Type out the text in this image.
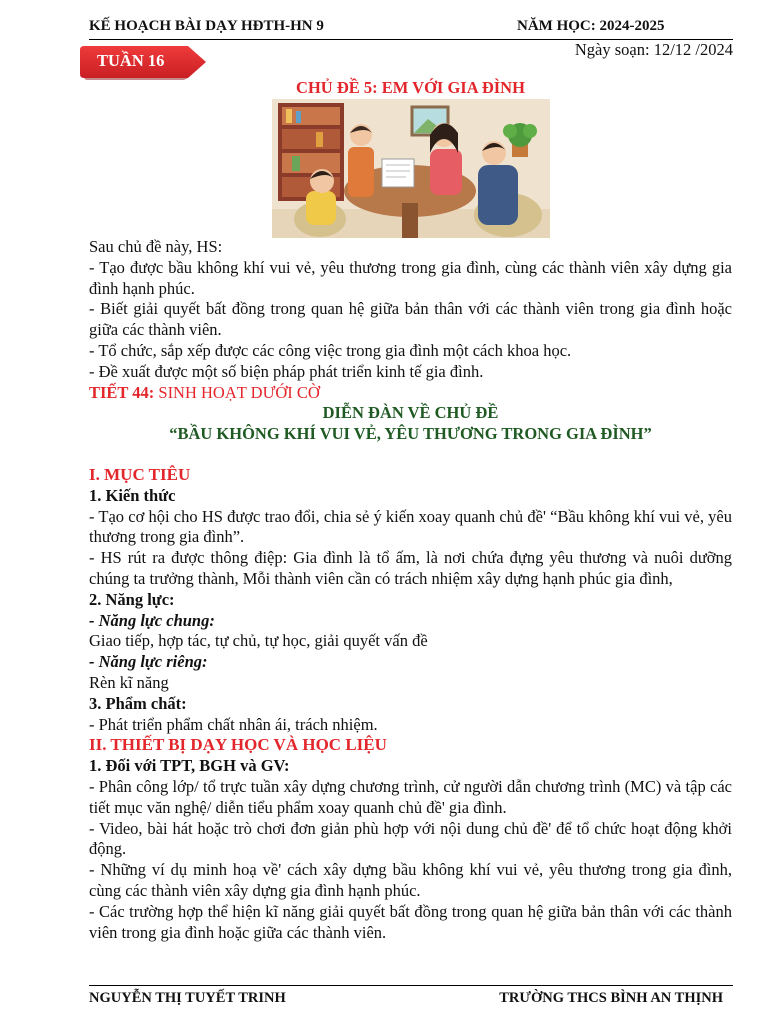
KẾ HOẠCH BÀI DẠY HĐTH-HN 9	NĂM HỌC: 2024-2025
Ngày soạn: 12/12 /2024
TUẦN 16
CHỦ ĐỀ 5: EM VỚI GIA ĐÌNH

Sau chủ đề này, HS:

- Tạo được bầu không khí vui vẻ, yêu thương trong gia đình, cùng các thành viên xây dựng gia đình hạnh phúc.

- Biết giải quyết bất đồng trong quan hệ giữa bản thân với các thành viên trong gia đình hoặc giữa các thành viên.

- Tổ chức, sắp xếp được các công việc trong gia đình một cách khoa học.

- Đề xuất được một số biện pháp phát triển kinh tế gia đình.

TIẾT 44: SINH HOẠT DƯỚI CỜ

DIỄN ĐÀN VỀ CHỦ ĐỀ

“BẦU KHÔNG KHÍ VUI VẺ, YÊU THƯƠNG TRONG GIA ĐÌNH”

I. MỤC TIÊU

1. Kiến thức

- Tạo cơ hội cho HS được trao đổi, chia sẻ ý kiến xoay quanh chủ đề' “Bầu không khí vui vẻ, yêu thương trong gia đình”.

- HS rút ra được thông điệp: Gia đình là tổ ấm, là nơi chứa đựng yêu thương và nuôi dưỡng chúng ta trưởng thành, Mỗi thành viên cần có trách nhiệm xây dựng hạnh phúc gia đình,

2. Năng lực:

- Năng lực chung:

Giao tiếp, hợp tác, tự chủ, tự học, giải quyết vấn đề

- Năng lực riêng:

Rèn kĩ năng

3. Phẩm chất:

- Phát triển phẩm chất nhân ái, trách nhiệm.

II. THIẾT BỊ DẠY HỌC VÀ HỌC LIỆU

1. Đối với TPT, BGH và GV:

- Phân công lớp/ tổ trực tuần xây dựng chương trình, cử người dẫn chương trình (MC) và tập các tiết mục văn nghệ/ diễn tiểu phẩm xoay quanh chủ đề' gia đình.

- Video, bài hát hoặc trò chơi đơn giản phù hợp với nội dung chủ đề' để tổ chức hoạt động khởi động.

- Những ví dụ minh hoạ về' cách xây dựng bầu không khí vui vẻ, yêu thương trong gia đình, cùng các thành viên xây dựng gia đình hạnh phúc.

- Các trường hợp thể hiện kĩ năng giải quyết bất đồng trong quan hệ giữa bản thân với các thành viên trong gia đình hoặc giữa các thành viên.

NGUYỄN THỊ TUYẾT TRINH	TRƯỜNG THCS BÌNH AN THỊNH
